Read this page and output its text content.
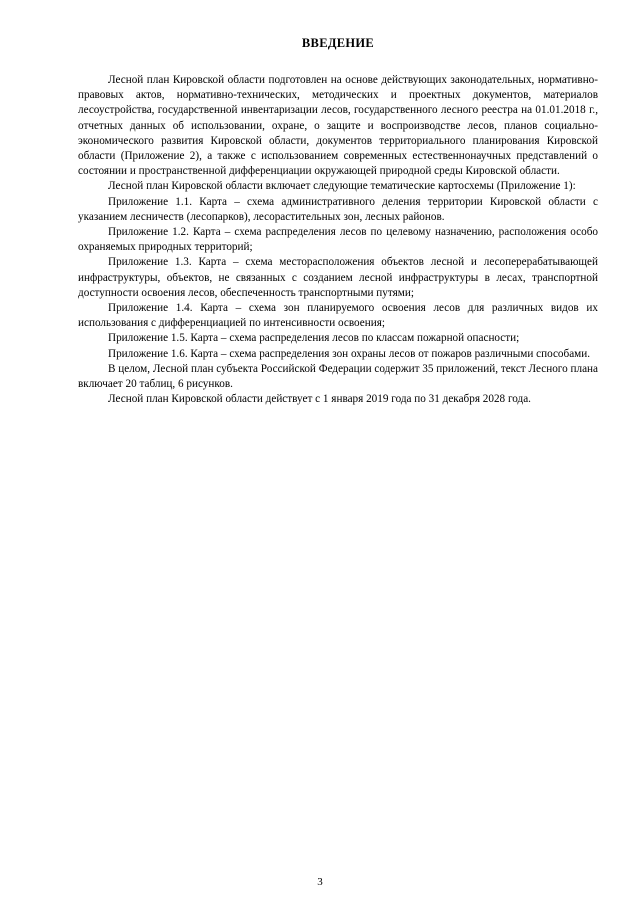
ВВЕДЕНИЕ

Лесной план Кировской области подготовлен на основе действующих законодательных, нормативно-правовых актов, нормативно-технических, методических и проектных документов, материалов лесоустройства, государственной инвентаризации лесов, государственного лесного реестра на 01.01.2018 г., отчетных данных об использовании, охране, о защите и воспроизводстве лесов, планов социально-экономического развития Кировской области, документов территориального планирования Кировской области (Приложение 2), а также с использованием современных естественнонаучных представлений о состоянии и пространственной дифференциации окружающей природной среды Кировской области.

Лесной план Кировской области включает следующие тематические картосхемы (Приложение 1):

Приложение 1.1. Карта – схема административного деления территории Кировской области с указанием лесничеств (лесопарков), лесорастительных зон, лесных районов.

Приложение 1.2. Карта – схема распределения лесов по целевому назначению, расположения особо охраняемых природных территорий;

Приложение 1.3. Карта – схема месторасположения объектов лесной и лесоперерабатывающей инфраструктуры, объектов, не связанных с созданием лесной инфраструктуры в лесах, транспортной доступности освоения лесов, обеспеченность транспортными путями;

Приложение 1.4. Карта – схема зон планируемого освоения лесов для различных видов их использования с дифференциацией по интенсивности освоения;

Приложение 1.5. Карта – схема распределения лесов по классам пожарной опасности;

Приложение 1.6. Карта – схема распределения зон охраны лесов от пожаров различными способами.

В целом, Лесной план субъекта Российской Федерации содержит 35 приложений, текст Лесного плана включает 20 таблиц, 6 рисунков.

Лесной план Кировской области действует с 1 января 2019 года по 31 декабря 2028 года.

3
